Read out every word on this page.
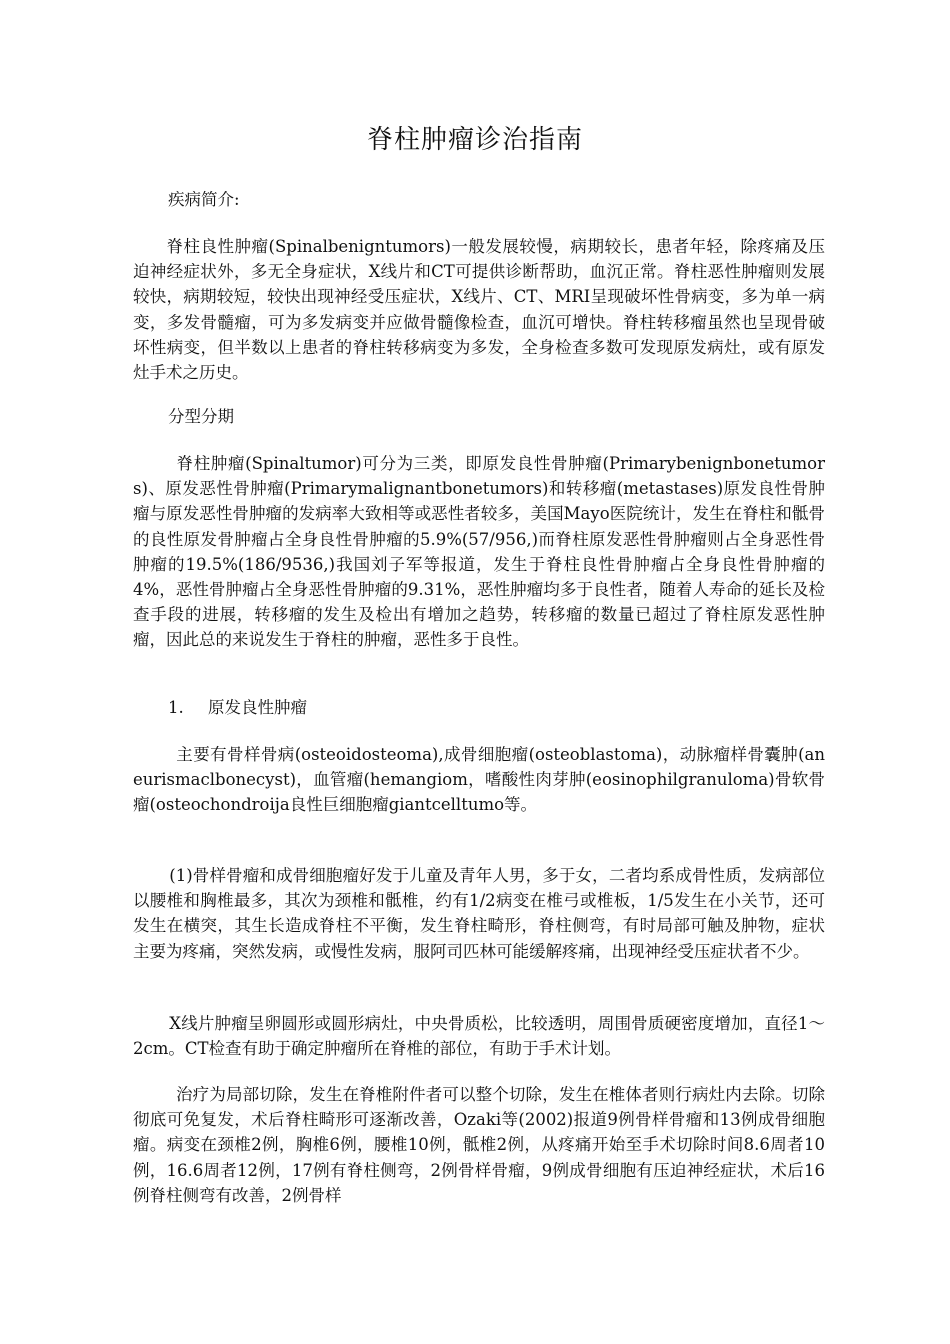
脊柱肿瘤诊治指南
疾病简介:

　脊柱良性肿瘤(Spinalbenigntumors)一般发展较慢，病期较长，患者年轻，除疼痛及压迫神经症状外，多无全身症状，X线片和CT可提供诊断帮助，血沉正常。脊柱恶性肿瘤则发展较快，病期较短，较快出现神经受压症状，X线片、CT、MRI呈现破坏性骨病变，多为单一病变，多发骨髓瘤，可为多发病变并应做骨髓像检查，血沉可增快。脊柱转移瘤虽然也呈现骨破坏性病变，但半数以上患者的脊柱转移病变为多发，全身检查多数可发现原发病灶，或有原发灶手术之历史。

分型分期

　脊柱肿瘤(Spinaltumor)可分为三类，即原发良性骨肿瘤(Primarybenignbonetumors)、原发恶性骨肿瘤(Primarymalignantbonetumors)和转移瘤(metastases)原发良性骨肿瘤与原发恶性骨肿瘤的发病率大致相等或恶性者较多，美国Mayo医院统计，发生在脊柱和骶骨的良性原发骨肿瘤占全身良性骨肿瘤的5.9%(57/956,)而脊柱原发恶性骨肿瘤则占全身恶性骨肿瘤的19.5%(186/9536,)我国刘子军等报道，发生于脊柱良性骨肿瘤占全身良性骨肿瘤的4%，恶性骨肿瘤占全身恶性骨肿瘤的9.31%，恶性肿瘤均多于良性者，随着人寿命的延长及检查手段的进展，转移瘤的发生及检出有增加之趋势，转移瘤的数量已超过了脊柱原发恶性肿瘤，因此总的来说发生于脊柱的肿瘤，恶性多于良性。

1. 原发良性肿瘤

　主要有骨样骨病(osteoidosteoma),成骨细胞瘤(osteoblastoma)，动脉瘤样骨囊肿(aneurismaclbonecyst)，血管瘤(hemangiom，嗜酸性肉芽肿(eosinophilgranuloma)骨软骨瘤(osteochondroija良性巨细胞瘤giantcelltumo等。

(1)骨样骨瘤和成骨细胞瘤好发于儿童及青年人男，多于女，二者均系成骨性质，发病部位以腰椎和胸椎最多，其次为颈椎和骶椎，约有1/2病变在椎弓或椎板，1/5发生在小关节，还可发生在横突，其生长造成脊柱不平衡，发生脊柱畸形，脊柱侧弯，有时局部可触及肿物，症状主要为疼痛，突然发病，或慢性发病，服阿司匹林可能缓解疼痛，出现神经受压症状者不少。

X线片肿瘤呈卵圆形或圆形病灶，中央骨质松，比较透明，周围骨质硬密度增加，直径1～2cm。CT检查有助于确定肿瘤所在脊椎的部位，有助于手术计划。

　治疗为局部切除，发生在脊椎附件者可以整个切除，发生在椎体者则行病灶内去除。切除彻底可免复发，术后脊柱畸形可逐渐改善，Ozaki等(2002)报道9例骨样骨瘤和13例成骨细胞瘤。病变在颈椎2例，胸椎6例，腰椎10例，骶椎2例，从疼痛开始至手术切除时间8.6周者10例，16.6周者12例，17例有脊柱侧弯，2例骨样骨瘤，9例成骨细胞有压迫神经症状，术后16例脊柱侧弯有改善，2例骨样
